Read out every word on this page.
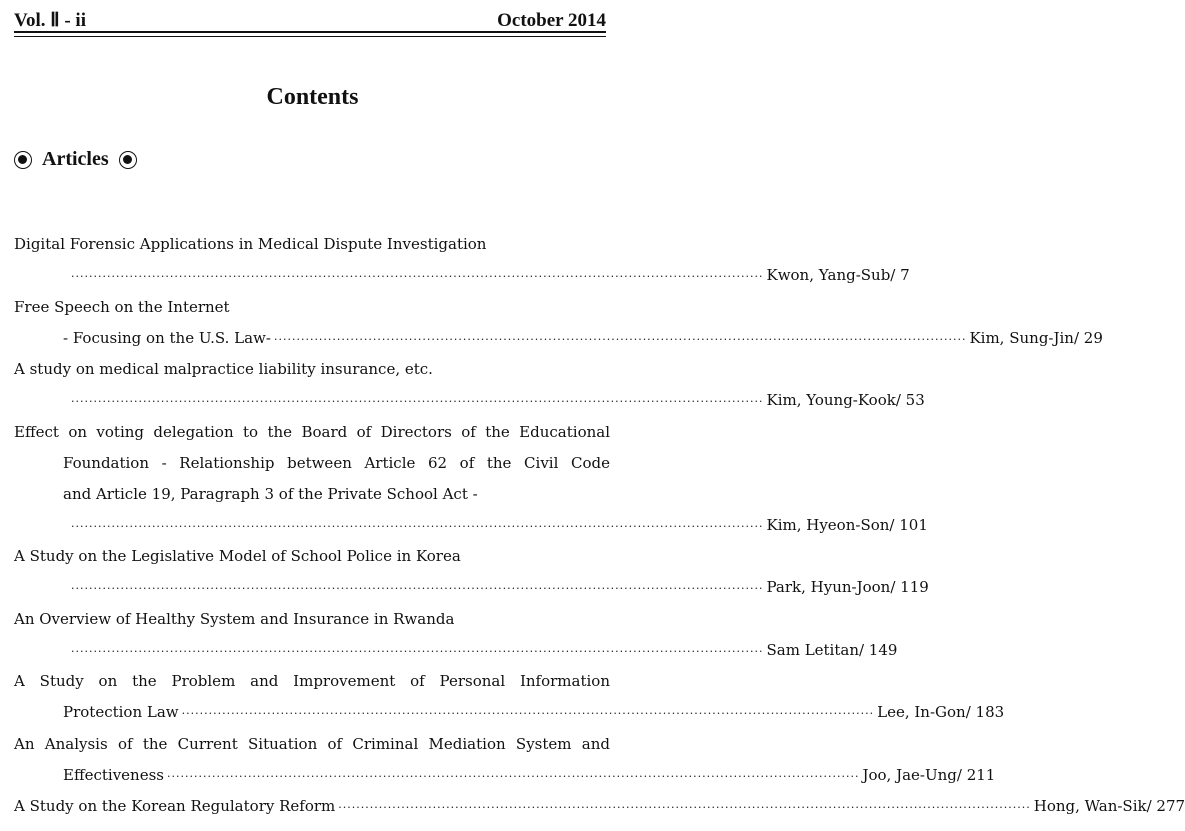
Vol. Ⅱ - ii	October 2014
Contents
Articles
Digital Forensic Applications in Medical Dispute Investigation
·························································································································································· Kwon, Yang-Sub/ 7
Free Speech on the Internet
- Focusing on the U.S. Law- ·························································································································································· Kim, Sung-Jin/ 29
A study on medical malpractice liability insurance, etc.
·························································································································································· Kim, Young-Kook/ 53
Effect on voting delegation to the Board of Directors of the Educational
Foundation - Relationship between Article 62 of the Civil Code
and Article 19, Paragraph 3 of the Private School Act -
·························································································································································· Kim, Hyeon-Son/ 101
A Study on the Legislative Model of School Police in Korea
·························································································································································· Park, Hyun-Joon/ 119
An Overview of Healthy System and Insurance in Rwanda
·························································································································································· Sam Letitan/ 149
A Study on the Problem and Improvement of Personal Information
Protection Law ·························································································································································· Lee, In-Gon/ 183
An Analysis of the Current Situation of Criminal Mediation System and
Effectiveness ·························································································································································· Joo, Jae-Ung/ 211
A Study on the Korean Regulatory Reform ·························································································································································· Hong, Wan-Sik/ 277
